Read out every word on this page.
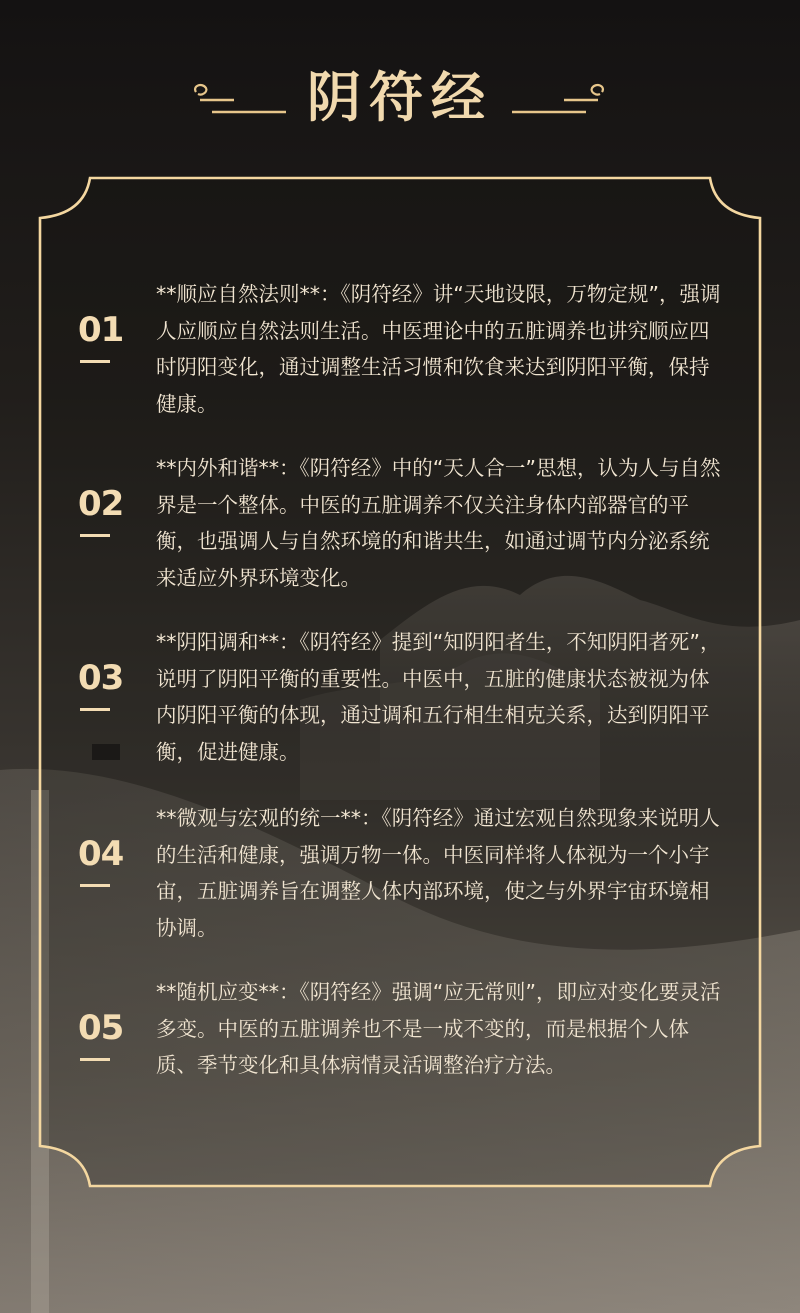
阴符经
01
**顺应自然法则**：《阴符经》讲“天地设限，万物定规”，强调人应顺应自然法则生活。中医理论中的五脏调养也讲究顺应四时阴阳变化，通过调整生活习惯和饮食来达到阴阳平衡，保持健康。
02
**内外和谐**：《阴符经》中的“天人合一”思想，认为人与自然界是一个整体。中医的五脏调养不仅关注身体内部器官的平衡，也强调人与自然环境的和谐共生，如通过调节内分泌系统来适应外界环境变化。
03
**阴阳调和**：《阴符经》提到“知阴阳者生，不知阴阳者死”，说明了阴阳平衡的重要性。中医中，五脏的健康状态被视为体内阴阳平衡的体现，通过调和五行相生相克关系，达到阴阳平衡，促进健康。
04
**微观与宏观的统一**：《阴符经》通过宏观自然现象来说明人的生活和健康，强调万物一体。中医同样将人体视为一个小宇宙，五脏调养旨在调整人体内部环境，使之与外界宇宙环境相协调。
05
**随机应变**：《阴符经》强调“应无常则”，即应对变化要灵活多变。中医的五脏调养也不是一成不变的，而是根据个人体质、季节变化和具体病情灵活调整治疗方法。
